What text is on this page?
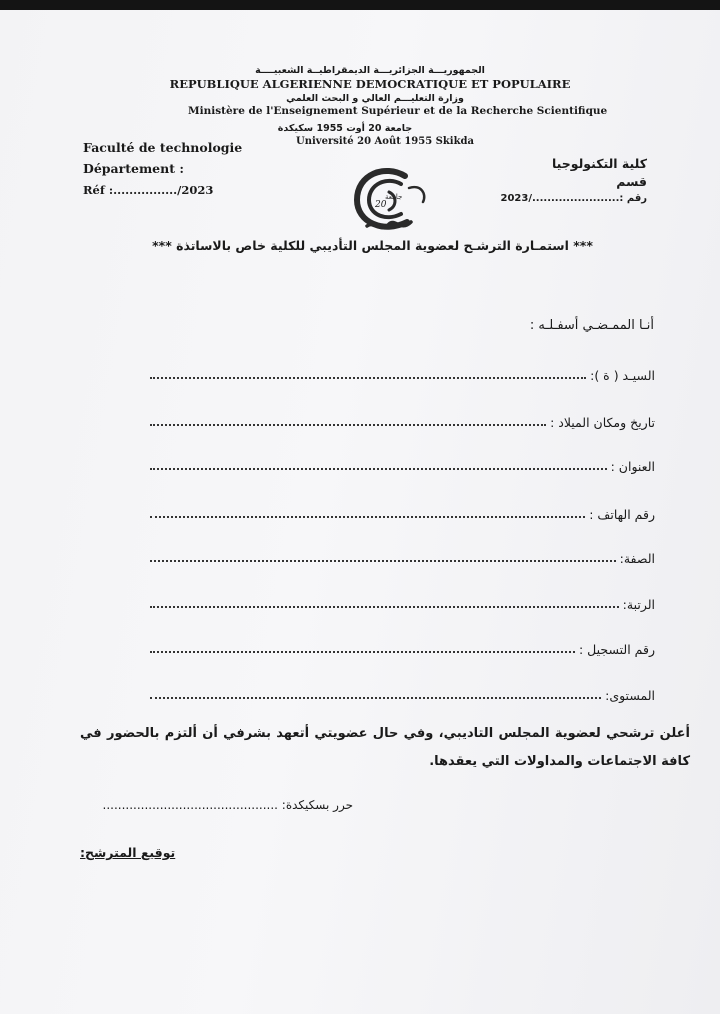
الجمهوريـــة الجزائريـــة الديمقراطيــة الشعبيــــة
REPUBLIQUE ALGERIENNE DEMOCRATIQUE ET POPULAIRE
وزارة التعليـــم العالي و البحث العلمي
Ministère de l'Enseignement Supérieur et de la Recherche Scientifique
جامعة 20 أوت 1955 سكيكدة
Université 20 Août 1955 Skikda
Faculté de technologie
Département :
Réf :................/2023
كلية التكنولوجيا
قسم
رقم :......................./2023
20
جامعة
*** استمـارة الترشـح لعضوية المجلس التأديبي للكلية خاص بالاساتذة ***
أنـا الممـضـي أسفـلـه :
السيـد ( ة ):
تاريخ ومكان الميلاد :
العنوان :
رقم الهاتف :
الصفة:
الرتبة:
رقم التسجيل :
المستوى:
أعلن ترشحي لعضوية المجلس التاديبي، وفي حال عضويتي أتعهد بشرفي أن ألتزم بالحضور في كافة الاجتماعات والمداولات التي يعقدها.
حرر بسكيكدة: ..............................................
توقيع المترشح:
